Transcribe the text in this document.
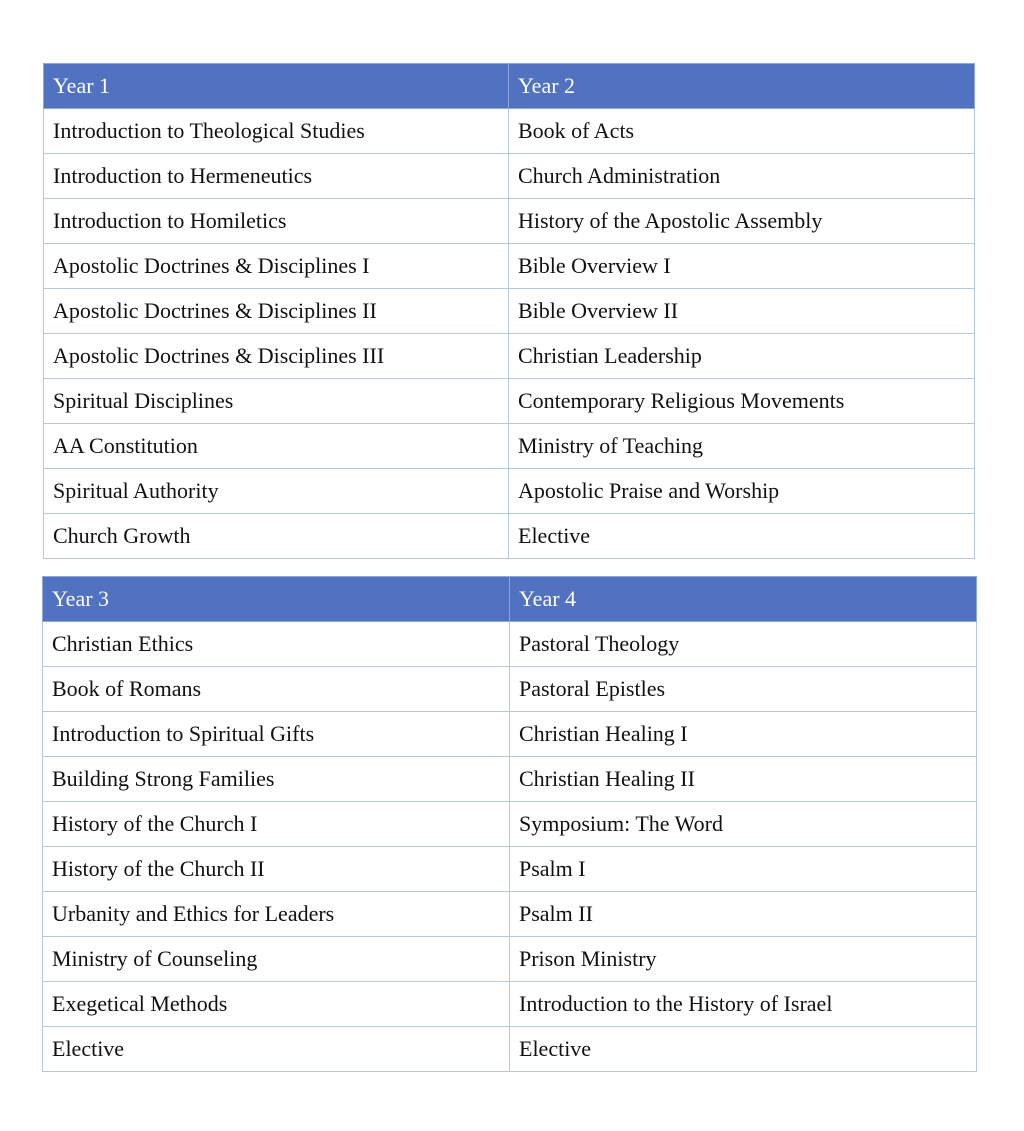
Year 1	Year 2
Introduction to Theological Studies	Book of Acts
Introduction to Hermeneutics	Church Administration
Introduction to Homiletics	History of the Apostolic Assembly
Apostolic Doctrines & Disciplines I	Bible Overview I
Apostolic Doctrines & Disciplines II	Bible Overview II
Apostolic Doctrines & Disciplines III	Christian Leadership
Spiritual Disciplines	Contemporary Religious Movements
AA Constitution	Ministry of Teaching
Spiritual Authority	Apostolic Praise and Worship
Church Growth	Elective
Year 3	Year 4
Christian Ethics	Pastoral Theology
Book of Romans	Pastoral Epistles
Introduction to Spiritual Gifts	Christian Healing I
Building Strong Families	Christian Healing II
History of the Church I	Symposium: The Word
History of the Church II	Psalm I
Urbanity and Ethics for Leaders	Psalm II
Ministry of Counseling	Prison Ministry
Exegetical Methods	Introduction to the History of Israel
Elective	Elective
